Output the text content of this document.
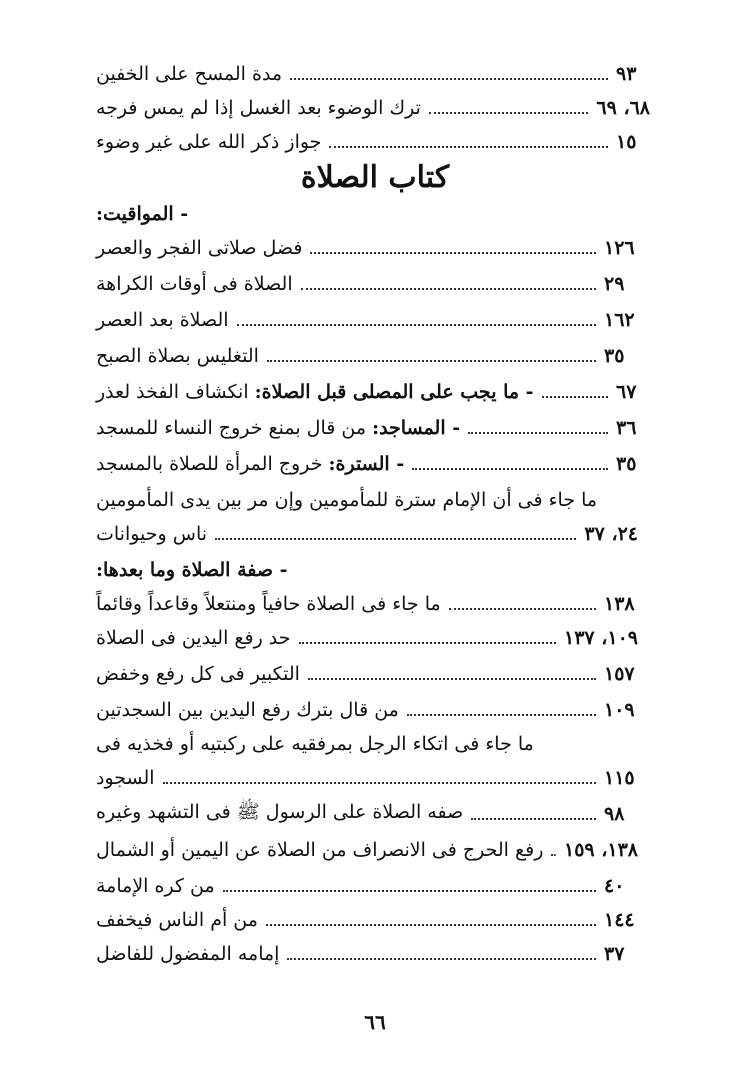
مدة المسح على الخفين	٩٣
ترك الوضوء بعد الغسل إذا لم يمس فرجه	٦٨، ٦٩
جواز ذكر الله على غير وضوء	١٥
كتاب الصلاة
- المواقيت:
فضل صلاتى الفجر والعصر	١٢٦
الصلاة فى أوقات الكراهة	٢٩
الصلاة بعد العصر	١٦٢
التغليس بصلاة الصبح	٣٥
- ما يجب على المصلى قبل الصلاة: انكشاف الفخذ لعذر	٦٧
- المساجد: من قال بمنع خروج النساء للمسجد	٣٦
- السترة: خروج المرأة للصلاة بالمسجد	٣٥
ما جاء فى أن الإمام سترة للمأمومين وإن مر بين يدى المأمومين
ناس وحيوانات	٢٤، ٣٧
- صفة الصلاة وما بعدها:
ما جاء فى الصلاة حافياً ومنتعلاً وقاعداً وقائماً	١٣٨
حد رفع اليدين فى الصلاة	١٠٩، ١٣٧
التكبير فى كل رفع وخفض	١٥٧
من قال بترك رفع اليدين بين السجدتين	١٠٩
ما جاء فى اتكاء الرجل بمرفقيه على ركبتيه أو فخذيه فى
السجود	١١٥
صفه الصلاة على الرسول ﷺ فى التشهد وغيره	٩٨
رفع الحرج فى الانصراف من الصلاة عن اليمين أو الشمال ١٣٨، ١٥٩
من كره الإمامة	٤٠
من أم الناس فيخفف	١٤٤
إمامه المفضول للفاضل	٣٧
٦٦
